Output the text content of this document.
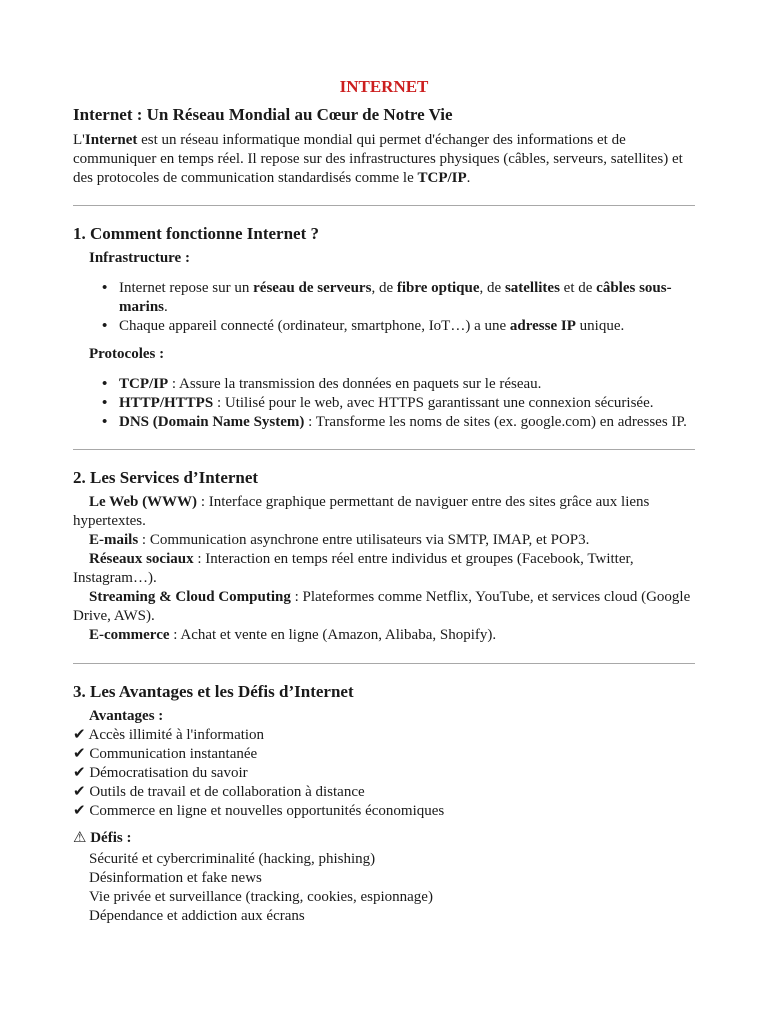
INTERNET
Internet : Un Réseau Mondial au Cœur de Notre Vie

L'Internet est un réseau informatique mondial qui permet d'échanger des informations et de communiquer en temps réel. Il repose sur des infrastructures physiques (câbles, serveurs, satellites) et des protocoles de communication standardisés comme le TCP/IP.

1. Comment fonctionne Internet ?

Infrastructure :

• Internet repose sur un réseau de serveurs, de fibre optique, de satellites et de câbles sous-marins.
• Chaque appareil connecté (ordinateur, smartphone, IoT…) a une adresse IP unique.

Protocoles :

• TCP/IP : Assure la transmission des données en paquets sur le réseau.
• HTTP/HTTPS : Utilisé pour le web, avec HTTPS garantissant une connexion sécurisée.
• DNS (Domain Name System) : Transforme les noms de sites (ex. google.com) en adresses IP.
2. Les Services d’Internet

Le Web (WWW) : Interface graphique permettant de naviguer entre des sites grâce aux liens hypertextes.

E-mails : Communication asynchrone entre utilisateurs via SMTP, IMAP, et POP3.

Réseaux sociaux : Interaction en temps réel entre individus et groupes (Facebook, Twitter, Instagram…).

Streaming & Cloud Computing : Plateformes comme Netflix, YouTube, et services cloud (Google Drive, AWS).

E-commerce : Achat et vente en ligne (Amazon, Alibaba, Shopify).

3. Les Avantages et les Défis d’Internet

Avantages :

✔ Accès illimité à l'information

✔ Communication instantanée

✔ Démocratisation du savoir

✔ Outils de travail et de collaboration à distance

✔ Commerce en ligne et nouvelles opportunités économiques

⚠ Défis :

Sécurité et cybercriminalité (hacking, phishing)

Désinformation et fake news

Vie privée et surveillance (tracking, cookies, espionnage)

Dépendance et addiction aux écrans
